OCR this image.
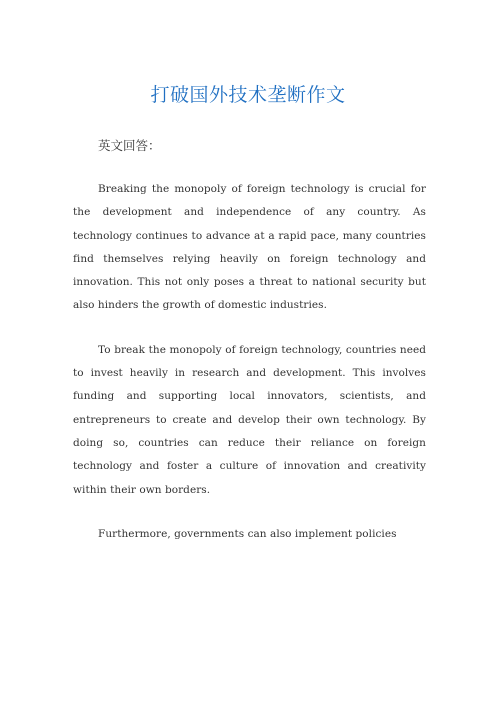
打破国外技术垄断作文

英文回答：

Breaking the monopoly of foreign technology is crucial for the development and independence of any country. As technology continues to advance at a rapid pace, many countries find themselves relying heavily on foreign technology and innovation. This not only poses a threat to national security but also hinders the growth of domestic industries.

To break the monopoly of foreign technology, countries need to invest heavily in research and development. This involves funding and supporting local innovators, scientists, and entrepreneurs to create and develop their own technology. By doing so, countries can reduce their reliance on foreign technology and foster a culture of innovation and creativity within their own borders.

Furthermore, governments can also implement policies
